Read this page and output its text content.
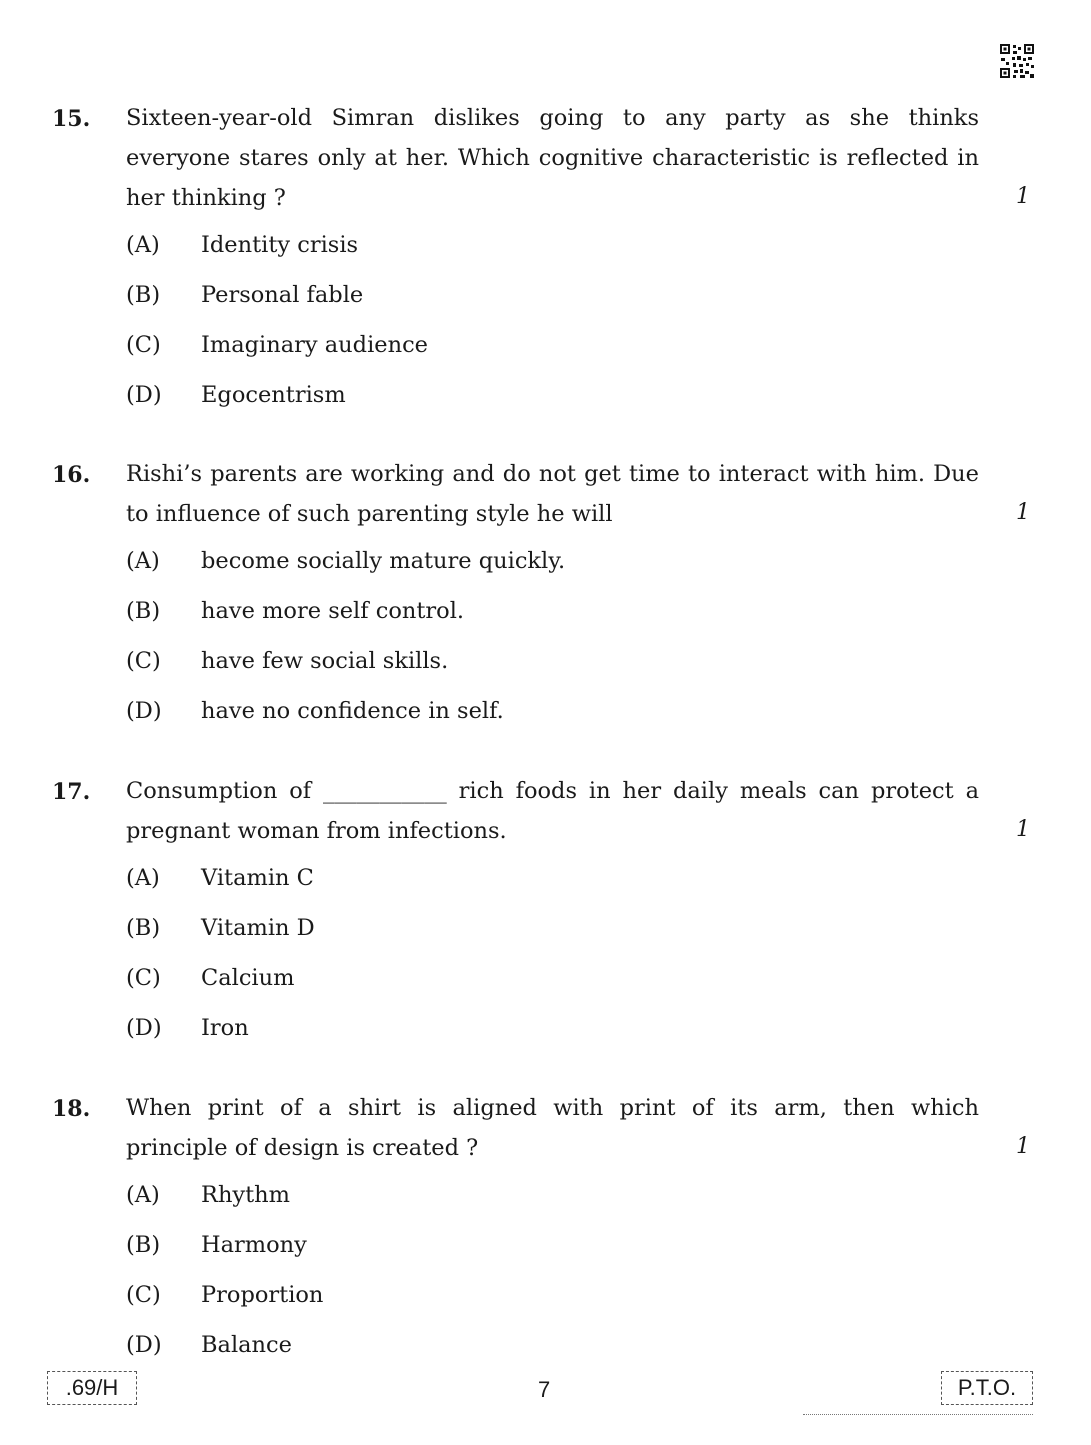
15. Sixteen-year-old Simran dislikes going to any party as she thinks
everyone stares only at her. Which cognitive characteristic is reflected in
her thinking ?	1
(A) Identity crisis
(B) Personal fable
(C) Imaginary audience
(D) Egocentrism
16. Rishi’s parents are working and do not get time to interact with him. Due
to influence of such parenting style he will	1
(A) become socially mature quickly.
(B) have more self control.
(C) have few social skills.
(D) have no confidence in self.
17. Consumption of ___________ rich foods in her daily meals can protect a
pregnant woman from infections.	1
(A) Vitamin C
(B) Vitamin D
(C) Calcium
(D) Iron
18. When print of a shirt is aligned with print of its arm, then which
principle of design is created ?	1
(A) Rhythm
(B) Harmony
(C) Proportion
(D) Balance
.69/H	7	P.T.O.
